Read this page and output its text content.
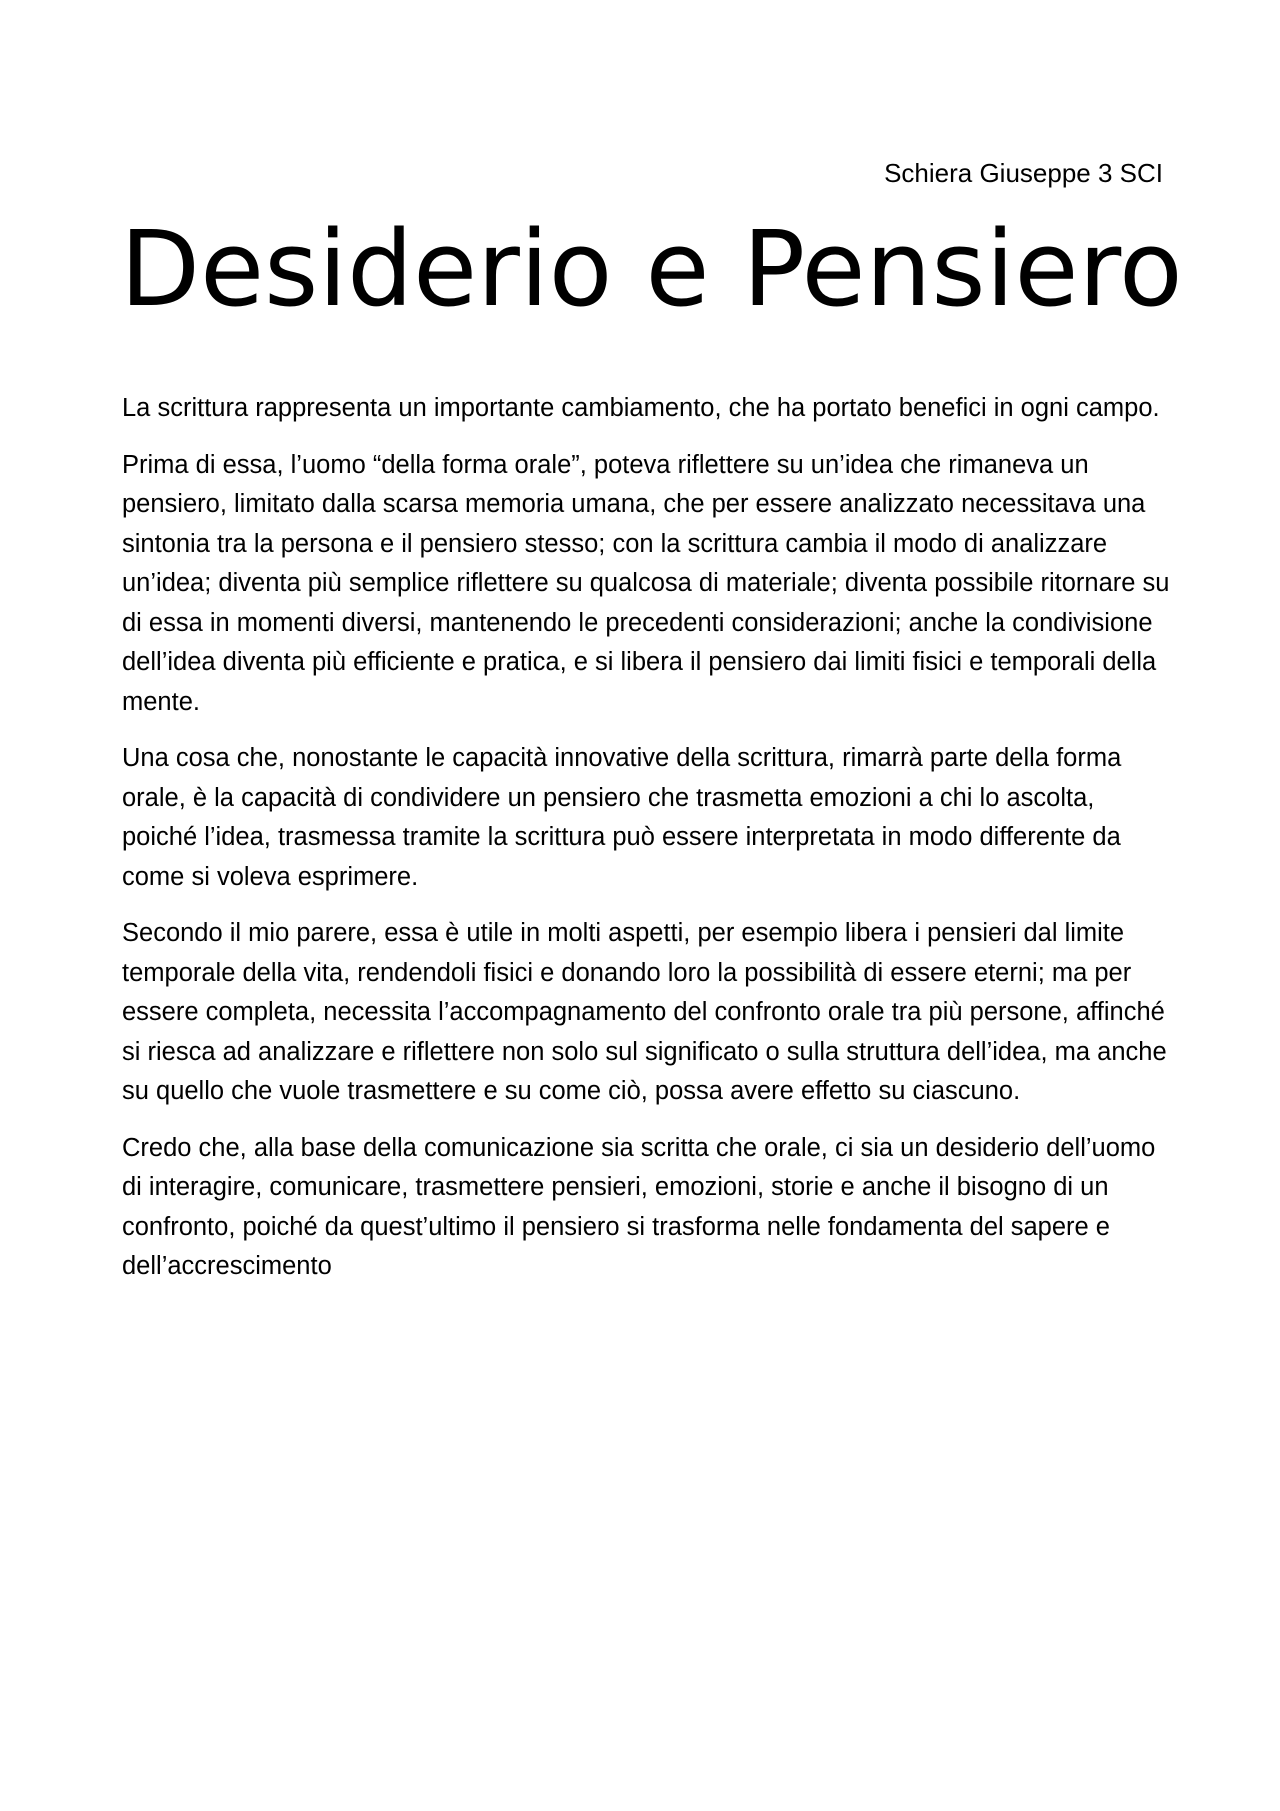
Schiera Giuseppe 3 SCI
Desiderio e Pensiero

La scrittura rappresenta un importante cambiamento, che ha portato benefici in ogni campo.

Prima di essa, l’uomo “della forma orale”, poteva riflettere su un’idea che rimaneva un pensiero, limitato dalla scarsa memoria umana, che per essere analizzato necessitava una sintonia tra la persona e il pensiero stesso; con la scrittura cambia il modo di analizzare un’idea; diventa più semplice riflettere su qualcosa di materiale; diventa possibile ritornare su di essa in momenti diversi, mantenendo le precedenti considerazioni; anche la condivisione dell’idea diventa più efficiente e pratica, e si libera il pensiero dai limiti fisici e temporali della mente.

Una cosa che, nonostante le capacità innovative della scrittura, rimarrà parte della forma orale, è la capacità di condividere un pensiero che trasmetta emozioni a chi lo ascolta, poiché l’idea, trasmessa tramite la scrittura può essere interpretata in modo differente da come si voleva esprimere.

Secondo il mio parere, essa è utile in molti aspetti, per esempio libera i pensieri dal limite temporale della vita, rendendoli fisici e donando loro la possibilità di essere eterni; ma per essere completa, necessita l’accompagnamento del confronto orale tra più persone, affinché si riesca ad analizzare e riflettere non solo sul significato o sulla struttura dell’idea, ma anche su quello che vuole trasmettere e su come ciò, possa avere effetto su ciascuno.

Credo che, alla base della comunicazione sia scritta che orale, ci sia un desiderio dell’uomo di interagire, comunicare, trasmettere pensieri, emozioni, storie e anche il bisogno di un confronto, poiché da quest’ultimo il pensiero si trasforma nelle fondamenta del sapere e dell’accrescimento
